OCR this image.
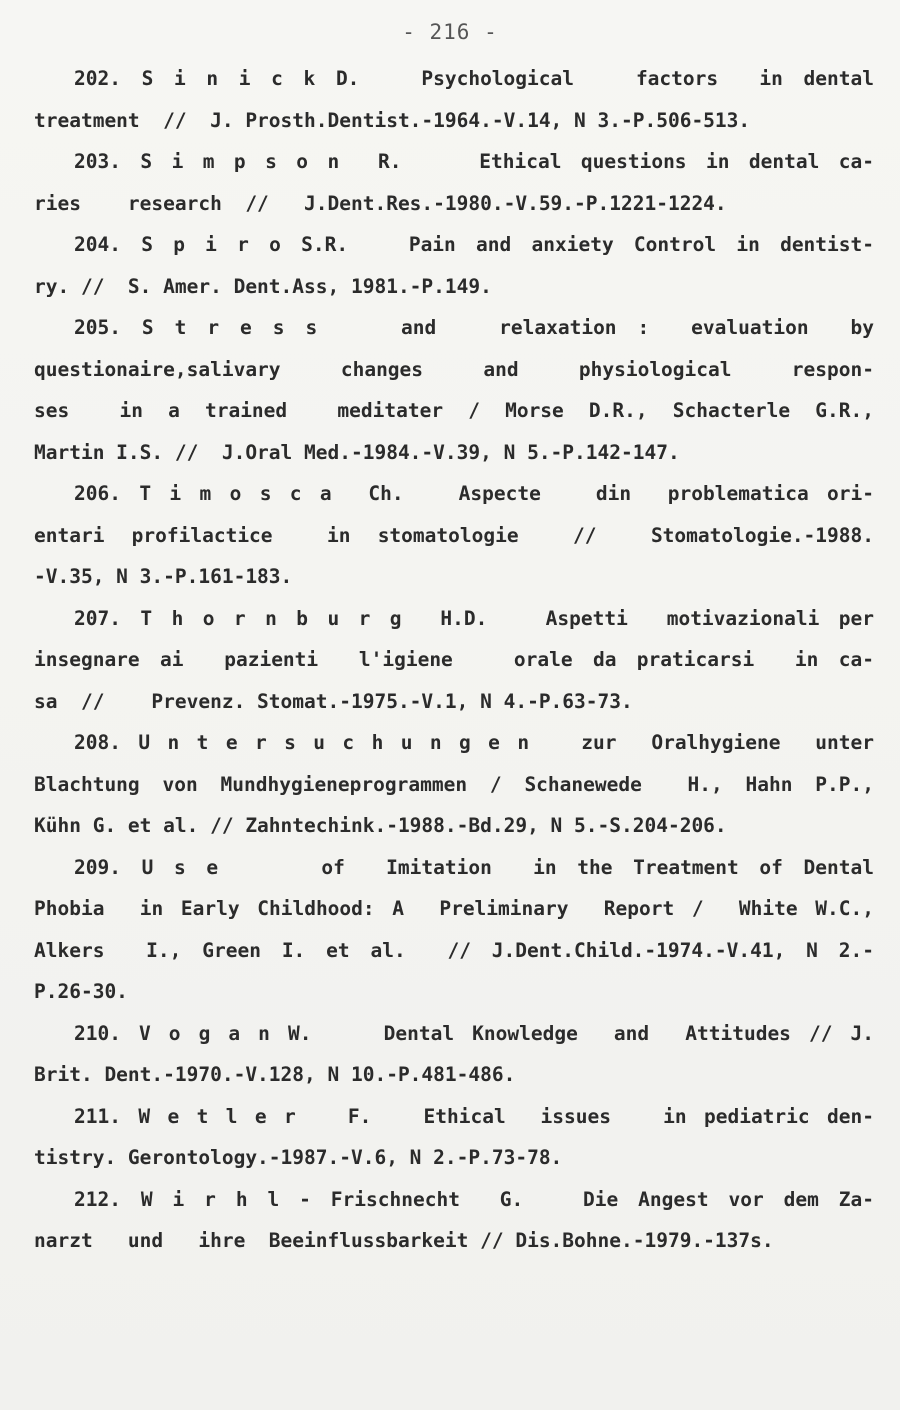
- 216 -
202. S i n i c k D.   Psychological   factors  in dental
treatment  //  J. Prosth.Dentist.-1964.-V.14, N 3.-P.506-513.
203. S i m p s o n  R.    Ethical questions in dental ca-
ries    research  //   J.Dent.Res.-1980.-V.59.-P.1221-1224.
204. S p i r o S.R.   Pain and anxiety Control in dentist-
ry. //  S. Amer. Dent.Ass, 1981.-P.149.
205. S t r e s s    and   relaxation :  evaluation  by
questionaire,salivary  changes  and  physiological  respon-
ses  in a trained  meditater / Morse D.R., Schacterle G.R.,
Martin I.S. //  J.Oral Med.-1984.-V.39, N 5.-P.142-147.
206. T i m o s c a  Ch.   Aspecte   din  problematica ori-
entari profilactice  in stomatologie  //  Stomatologie.-1988.
-V.35, N 3.-P.161-183.
207. T h o r n b u r g  H.D.   Aspetti  motivazionali per
insegnare ai  pazienti  l'igiene   orale da praticarsi  in ca-
sa  //    Prevenz. Stomat.-1975.-V.1, N 4.-P.63-73.
208. U n t e r s u c h u n g e n   zur  Oralhygiene  unter
Blachtung von Mundhygieneprogrammen / Schanewede  H., Hahn P.P.,
Kühn G. et al. // Zahntechink.-1988.-Bd.29, N 5.-S.204-206.
209. U s e     of  Imitation  in the Treatment of Dental
Phobia  in Early Childhood: A  Preliminary  Report /  White W.C.,
Alkers  I., Green I. et al.  // J.Dent.Child.-1974.-V.41, N 2.-
P.26-30.
210. V o g a n W.    Dental Knowledge  and  Attitudes // J.
Brit. Dent.-1970.-V.128, N 10.-P.481-486.
211. W e t l e r   F.   Ethical  issues   in pediatric den-
tistry. Gerontology.-1987.-V.6, N 2.-P.73-78.
212. W i r h l - Frischnecht  G.   Die Angest vor dem Za-
narzt   und   ihre  Beeinflussbarkeit // Dis.Bohne.-1979.-137s.
